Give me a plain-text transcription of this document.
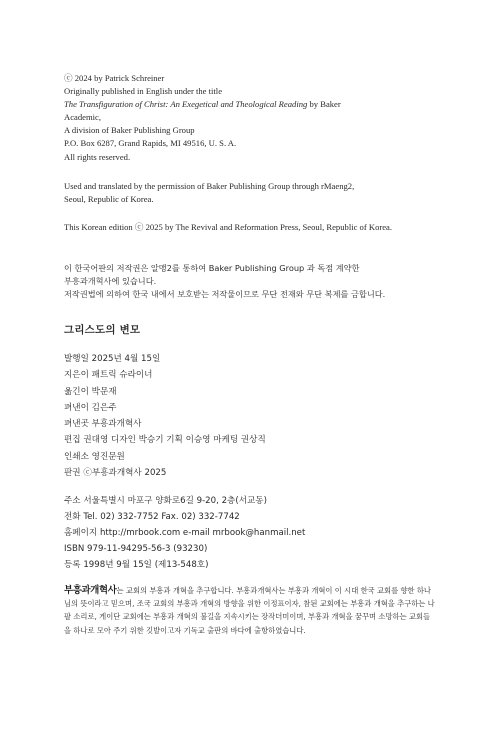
ⓒ 2024 by Patrick Schreiner
Originally published in English under the title
The Transfiguration of Christ: An Exegetical and Theological Reading by Baker
Academic,
A division of Baker Publishing Group
P.O. Box 6287, Grand Rapids, MI 49516, U. S. A.
All rights reserved.
Used and translated by the permission of Baker Publishing Group through rMaeng2,
Seoul, Republic of Korea.
This Korean edition ⓒ 2025 by The Revival and Reformation Press, Seoul, Republic of Korea.
이 한국어판의 저작권은 알맹2를 통하여 Baker Publishing Group 과 독점 계약한
부흥과개혁사에 있습니다.
저작권법에 의하여 한국 내에서 보호받는 저작물이므로 무단 전재와 무단 복제를 금합니다.
그리스도의 변모
발행일 2025년 4월 15일
지은이 패트릭 슈라이너
옮긴이 박문재
펴낸이 김은주
펴낸곳 부흥과개혁사
편집 권대영 디자인 박승기 기획 이승영 마케팅 권상직
인쇄소 영진문원
판권 ⓒ부흥과개혁사 2025
주소 서울특별시 마포구 양화로6길 9-20, 2층(서교동)
전화 Tel. 02) 332-7752 Fax. 02) 332-7742
홈페이지 http://mrbook.com e-mail mrbook@hanmail.net
ISBN 979-11-94295-56-3 (93230)
등록 1998년 9월 15일 (제13-548호)
부흥과개혁사는 교회의 부흥과 개혁을 추구합니다. 부흥과개혁사는 부흥과 개혁이 이 시대 한국 교회를 향한 하나님의 뜻이라고 믿으며, 조국 교회의 부흥과 개혁의 방향을 위한 이정표이자, 참된 교회에는 부흥과 개혁을 추구하는 나팔 소리로, 게이단 교회에는 부흥과 개혁의 불길을 지속시키는 장작더미이며, 부흥과 개혁을 꿈꾸며 소망하는 교회들을 하나로 모아 주기 위한 깃발이고자 기독교 출판의 바다에 출항하였습니다.
